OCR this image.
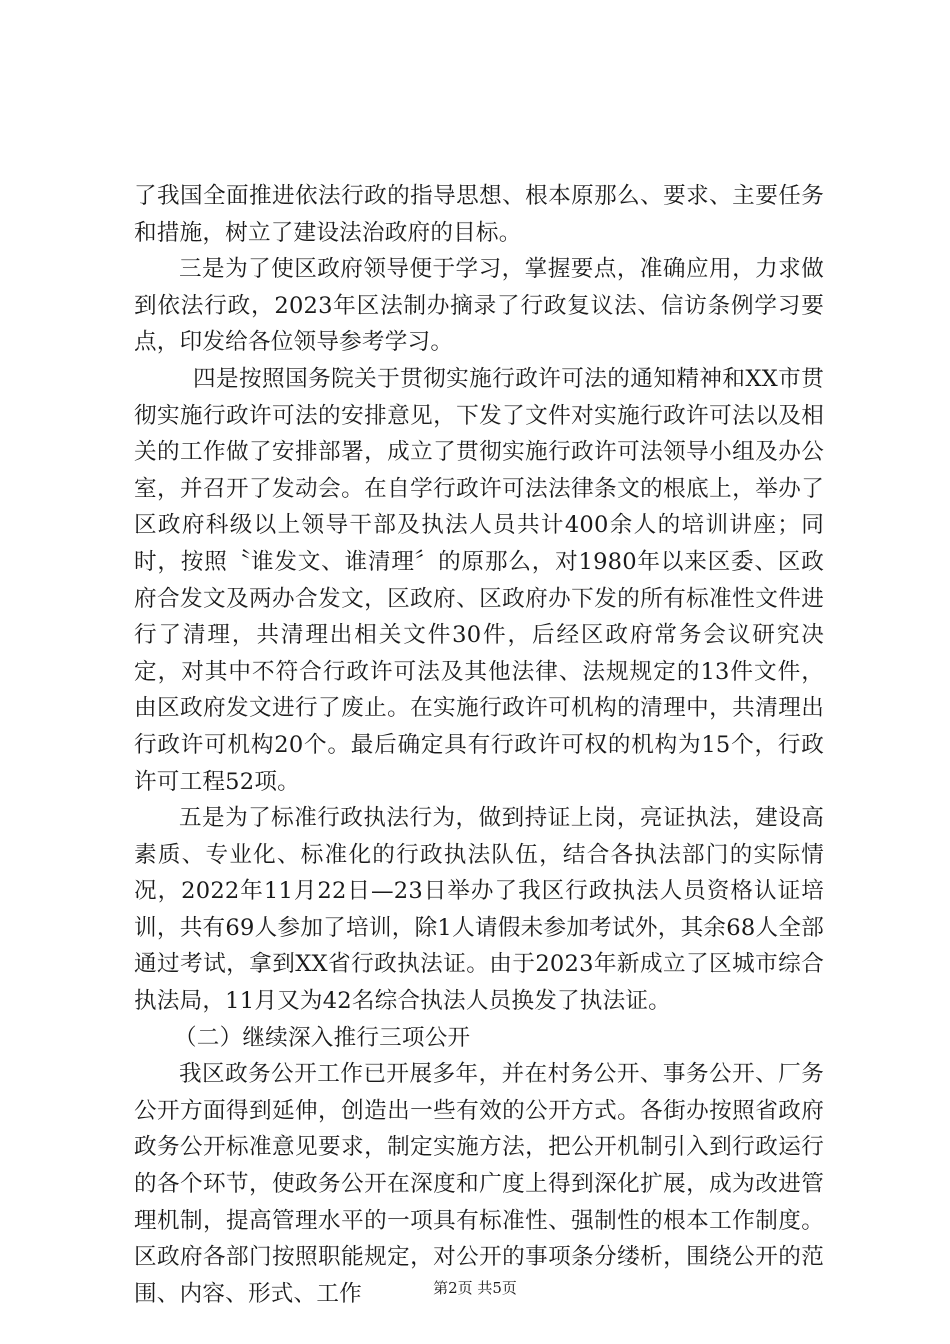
了我国全面推进依法行政的指导思想、根本原那么、要求、主要任务和措施，树立了建设法治政府的目标。

三是为了使区政府领导便于学习，掌握要点，准确应用，力求做到依法行政，2023年区法制办摘录了行政复议法、信访条例学习要点，印发给各位领导参考学习。

四是按照国务院关于贯彻实施行政许可法的通知精神和XX市贯彻实施行政许可法的安排意见，下发了文件对实施行政许可法以及相关的工作做了安排部署，成立了贯彻实施行政许可法领导小组及办公室，并召开了发动会。在自学行政许可法法律条文的根底上，举办了区政府科级以上领导干部及执法人员共计400余人的培训讲座；同时，按照〝谁发文、谁清理〞的原那么，对1980年以来区委、区政府合发文及两办合发文，区政府、区政府办下发的所有标准性文件进行了清理，共清理出相关文件30件，后经区政府常务会议研究决定，对其中不符合行政许可法及其他法律、法规规定的13件文件，由区政府发文进行了废止。在实施行政许可机构的清理中，共清理出行政许可机构20个。最后确定具有行政许可权的机构为15个，行政许可工程52项。

五是为了标准行政执法行为，做到持证上岗，亮证执法，建设高素质、专业化、标准化的行政执法队伍，结合各执法部门的实际情况，2022年11月22日—23日举办了我区行政执法人员资格认证培训，共有69人参加了培训，除1人请假未参加考试外，其余68人全部通过考试，拿到XX省行政执法证。由于2023年新成立了区城市综合执法局，11月又为42名综合执法人员换发了执法证。

（二）继续深入推行三项公开

我区政务公开工作已开展多年，并在村务公开、事务公开、厂务公开方面得到延伸，创造出一些有效的公开方式。各街办按照省政府政务公开标准意见要求，制定实施方法，把公开机制引入到行政运行的各个环节，使政务公开在深度和广度上得到深化扩展，成为改进管理机制，提高管理水平的一项具有标准性、强制性的根本工作制度。区政府各部门按照职能规定，对公开的事项条分缕析，围绕公开的范围、内容、形式、工作	第2页 共5页
